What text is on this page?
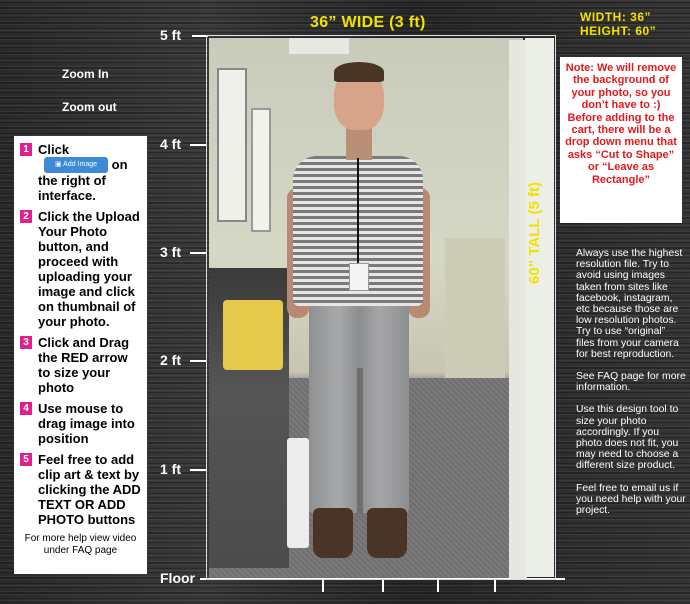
36” WIDE (3 ft)	WIDTH: 36”
HEIGHT: 60”
5 ft
4 ft
3 ft
2 ft
1 ft
Floor
Zoom In
Zoom out
1 Click ▣ Add Image on the right of interface.
2 Click the Upload Your Photo button, and proceed with uploading your image and click on thumbnail of your photo.
3 Click and Drag the RED arrow to size your photo
4 Use mouse to drag image into position
5 Feel free to add clip art & text by clicking the ADD TEXT OR ADD PHOTO buttons
For more help view video under FAQ page
Note: We will remove the background of your photo, so you don’t have to :)
Before adding to the cart, there will be a drop down menu that asks “Cut to Shape” or “Leave as Rectangle”
60” TALL (5 ft)	Always use the highest resolution file. Try to avoid using images taken from sites like facebook, instagram, etc because those are low resolution photos. Try to use “original” files from your camera for best reproduction.

See FAQ page for more information.

Use this design tool to size your photo accordingly. If you photo does not fit, you may need to choose a different size product.

Feel free to email us if you need help with your project.
